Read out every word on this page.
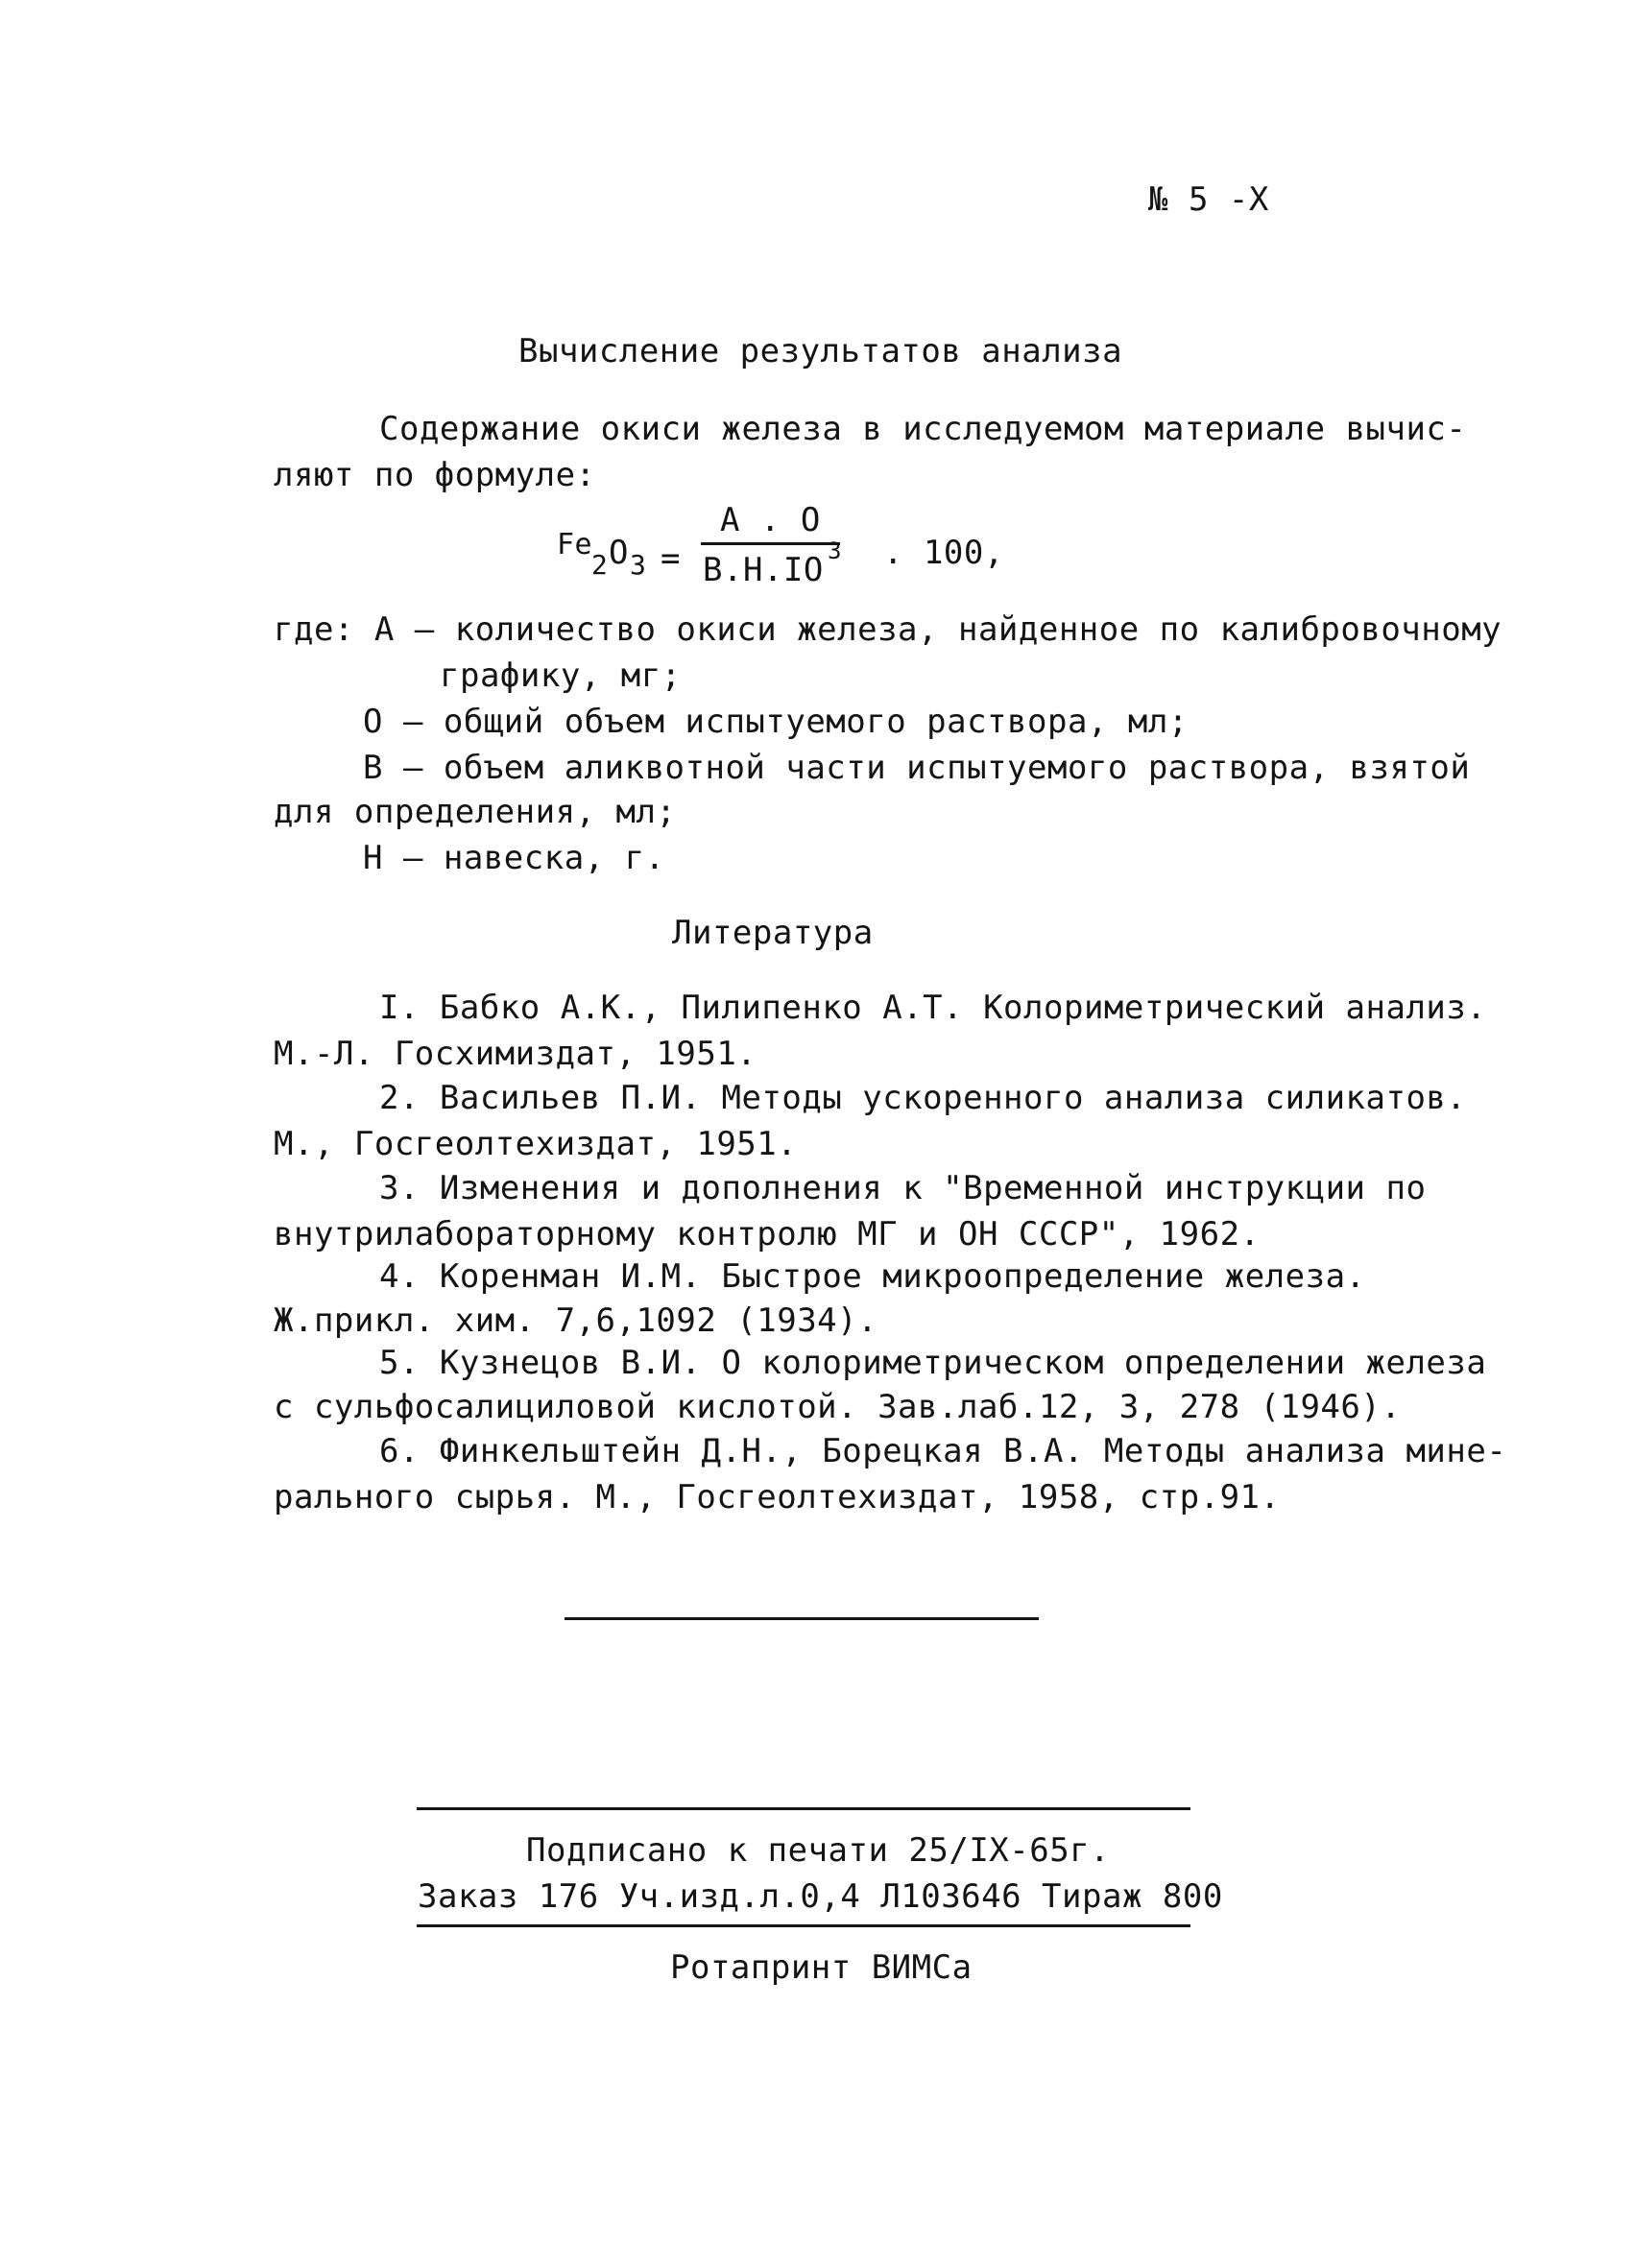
№ 5 -Х
Вычисление результатов анализа
Содержание окиси железа в исследуемом материале вычис-
ляют по формуле:
Fe
2 O 3 =
А . О
В.Н.IO 3 . 100,
где: А – количество окиси железа, найденное по калибровочному
графику, мг;
О – общий объем испытуемого раствора, мл;
В – объем аликвотной части испытуемого раствора, взятой
для определения, мл;
Н – навеска, г.
Литература
I. Бабко А.К., Пилипенко А.Т. Колориметрический анализ.
М.-Л. Госхимиздат, 1951.
2. Васильев П.И. Методы ускоренного анализа силикатов.
М., Госгеолтехиздат, 1951.
3. Изменения и дополнения к "Временной инструкции по
внутрилабораторному контролю МГ и ОН СССР", 1962.
4. Коренман И.М. Быстрое микроопределение железа.
Ж.прикл. хим. 7,6,1092 (1934).
5. Кузнецов В.И. О колориметрическом определении железа
с сульфосалициловой кислотой. Зав.лаб.12, 3, 278 (1946).
6. Финкельштейн Д.Н., Борецкая В.А. Методы анализа мине-
рального сырья. М., Госгеолтехиздат, 1958, стр.91.
Подписано к печати 25/IX-65г.
Заказ 176 Уч.изд.л.0,4 Л103646 Тираж 800
Ротапринт ВИМСа
